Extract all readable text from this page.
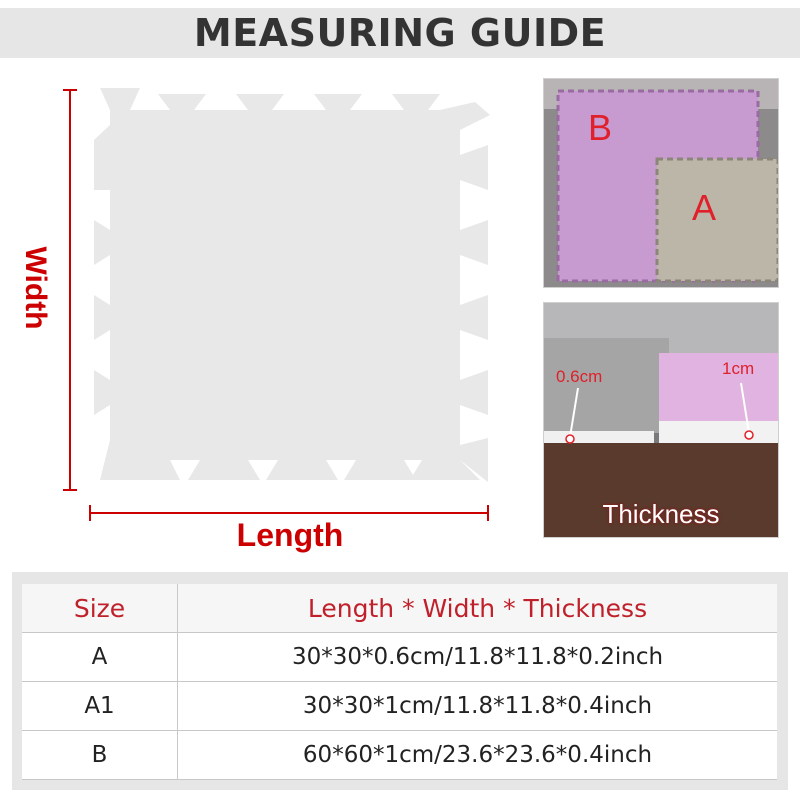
MEASURING GUIDE
Width
Length
B
A
0.6cm	1cm
Thickness
Size	Length * Width * Thickness
A	30*30*0.6cm/11.8*11.8*0.2inch
A1	30*30*1cm/11.8*11.8*0.4inch
B	60*60*1cm/23.6*23.6*0.4inch
